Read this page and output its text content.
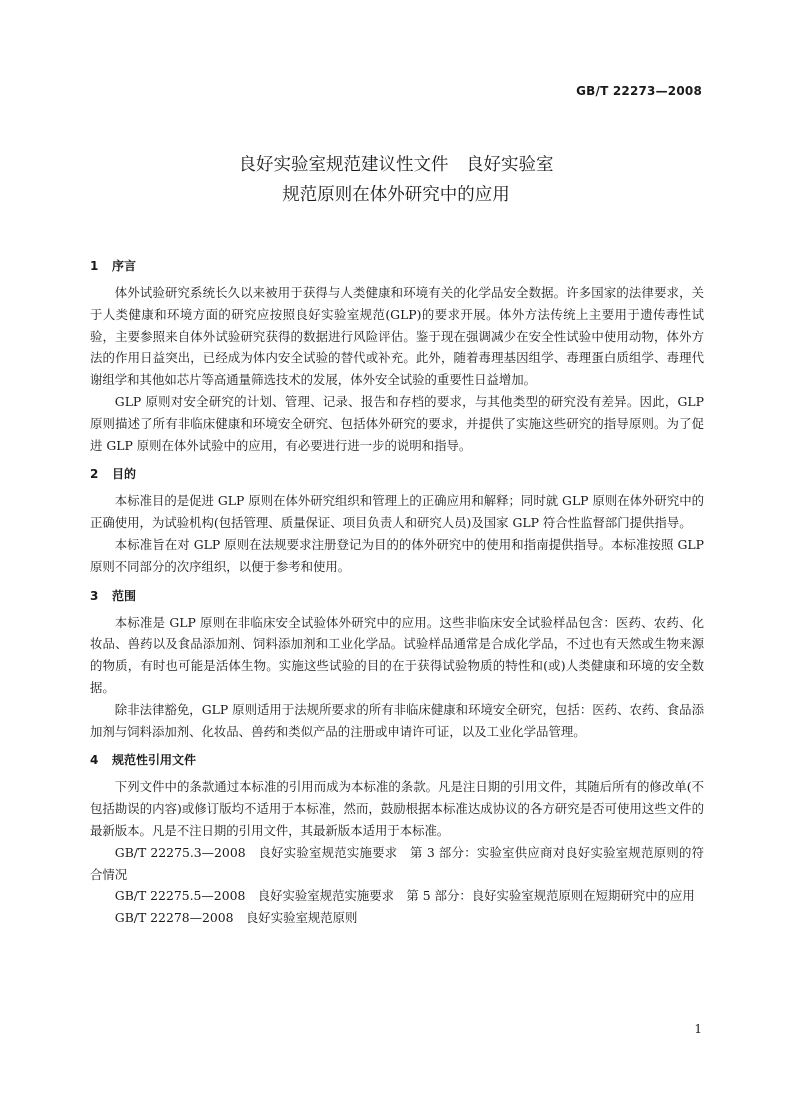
GB/T 22273—2008
良好实验室规范建议性文件　良好实验室
规范原则在体外研究中的应用
1 序言

体外试验研究系统长久以来被用于获得与人类健康和环境有关的化学品安全数据。许多国家的法律要求，关于人类健康和环境方面的研究应按照良好实验室规范(GLP)的要求开展。体外方法传统上主要用于遗传毒性试验，主要参照来自体外试验研究获得的数据进行风险评估。鉴于现在强调减少在安全性试验中使用动物，体外方法的作用日益突出，已经成为体内安全试验的替代或补充。此外，随着毒理基因组学、毒理蛋白质组学、毒理代谢组学和其他如芯片等高通量筛选技术的发展，体外安全试验的重要性日益增加。

GLP 原则对安全研究的计划、管理、记录、报告和存档的要求，与其他类型的研究没有差异。因此，GLP 原则描述了所有非临床健康和环境安全研究、包括体外研究的要求，并提供了实施这些研究的指导原则。为了促进 GLP 原则在体外试验中的应用，有必要进行进一步的说明和指导。

2 目的

本标准目的是促进 GLP 原则在体外研究组织和管理上的正确应用和解释；同时就 GLP 原则在体外研究中的正确使用，为试验机构(包括管理、质量保证、项目负责人和研究人员)及国家 GLP 符合性监督部门提供指导。

本标准旨在对 GLP 原则在法规要求注册登记为目的的体外研究中的使用和指南提供指导。本标准按照 GLP 原则不同部分的次序组织，以便于参考和使用。

3 范围

本标准是 GLP 原则在非临床安全试验体外研究中的应用。这些非临床安全试验样品包含：医药、农药、化妆品、兽药以及食品添加剂、饲料添加剂和工业化学品。试验样品通常是合成化学品，不过也有天然或生物来源的物质，有时也可能是活体生物。实施这些试验的目的在于获得试验物质的特性和(或)人类健康和环境的安全数据。

除非法律豁免，GLP 原则适用于法规所要求的所有非临床健康和环境安全研究，包括：医药、农药、食品添加剂与饲料添加剂、化妆品、兽药和类似产品的注册或申请许可证，以及工业化学品管理。

4 规范性引用文件

下列文件中的条款通过本标准的引用而成为本标准的条款。凡是注日期的引用文件，其随后所有的修改单(不包括勘误的内容)或修订版均不适用于本标准，然而，鼓励根据本标准达成协议的各方研究是否可使用这些文件的最新版本。凡是不注日期的引用文件，其最新版本适用于本标准。

GB/T 22275.3—2008　良好实验室规范实施要求　第 3 部分：实验室供应商对良好实验室规范原则的符合情况

GB/T 22275.5—2008　良好实验室规范实施要求　第 5 部分：良好实验室规范原则在短期研究中的应用

GB/T 22278—2008　良好实验室规范原则

1
